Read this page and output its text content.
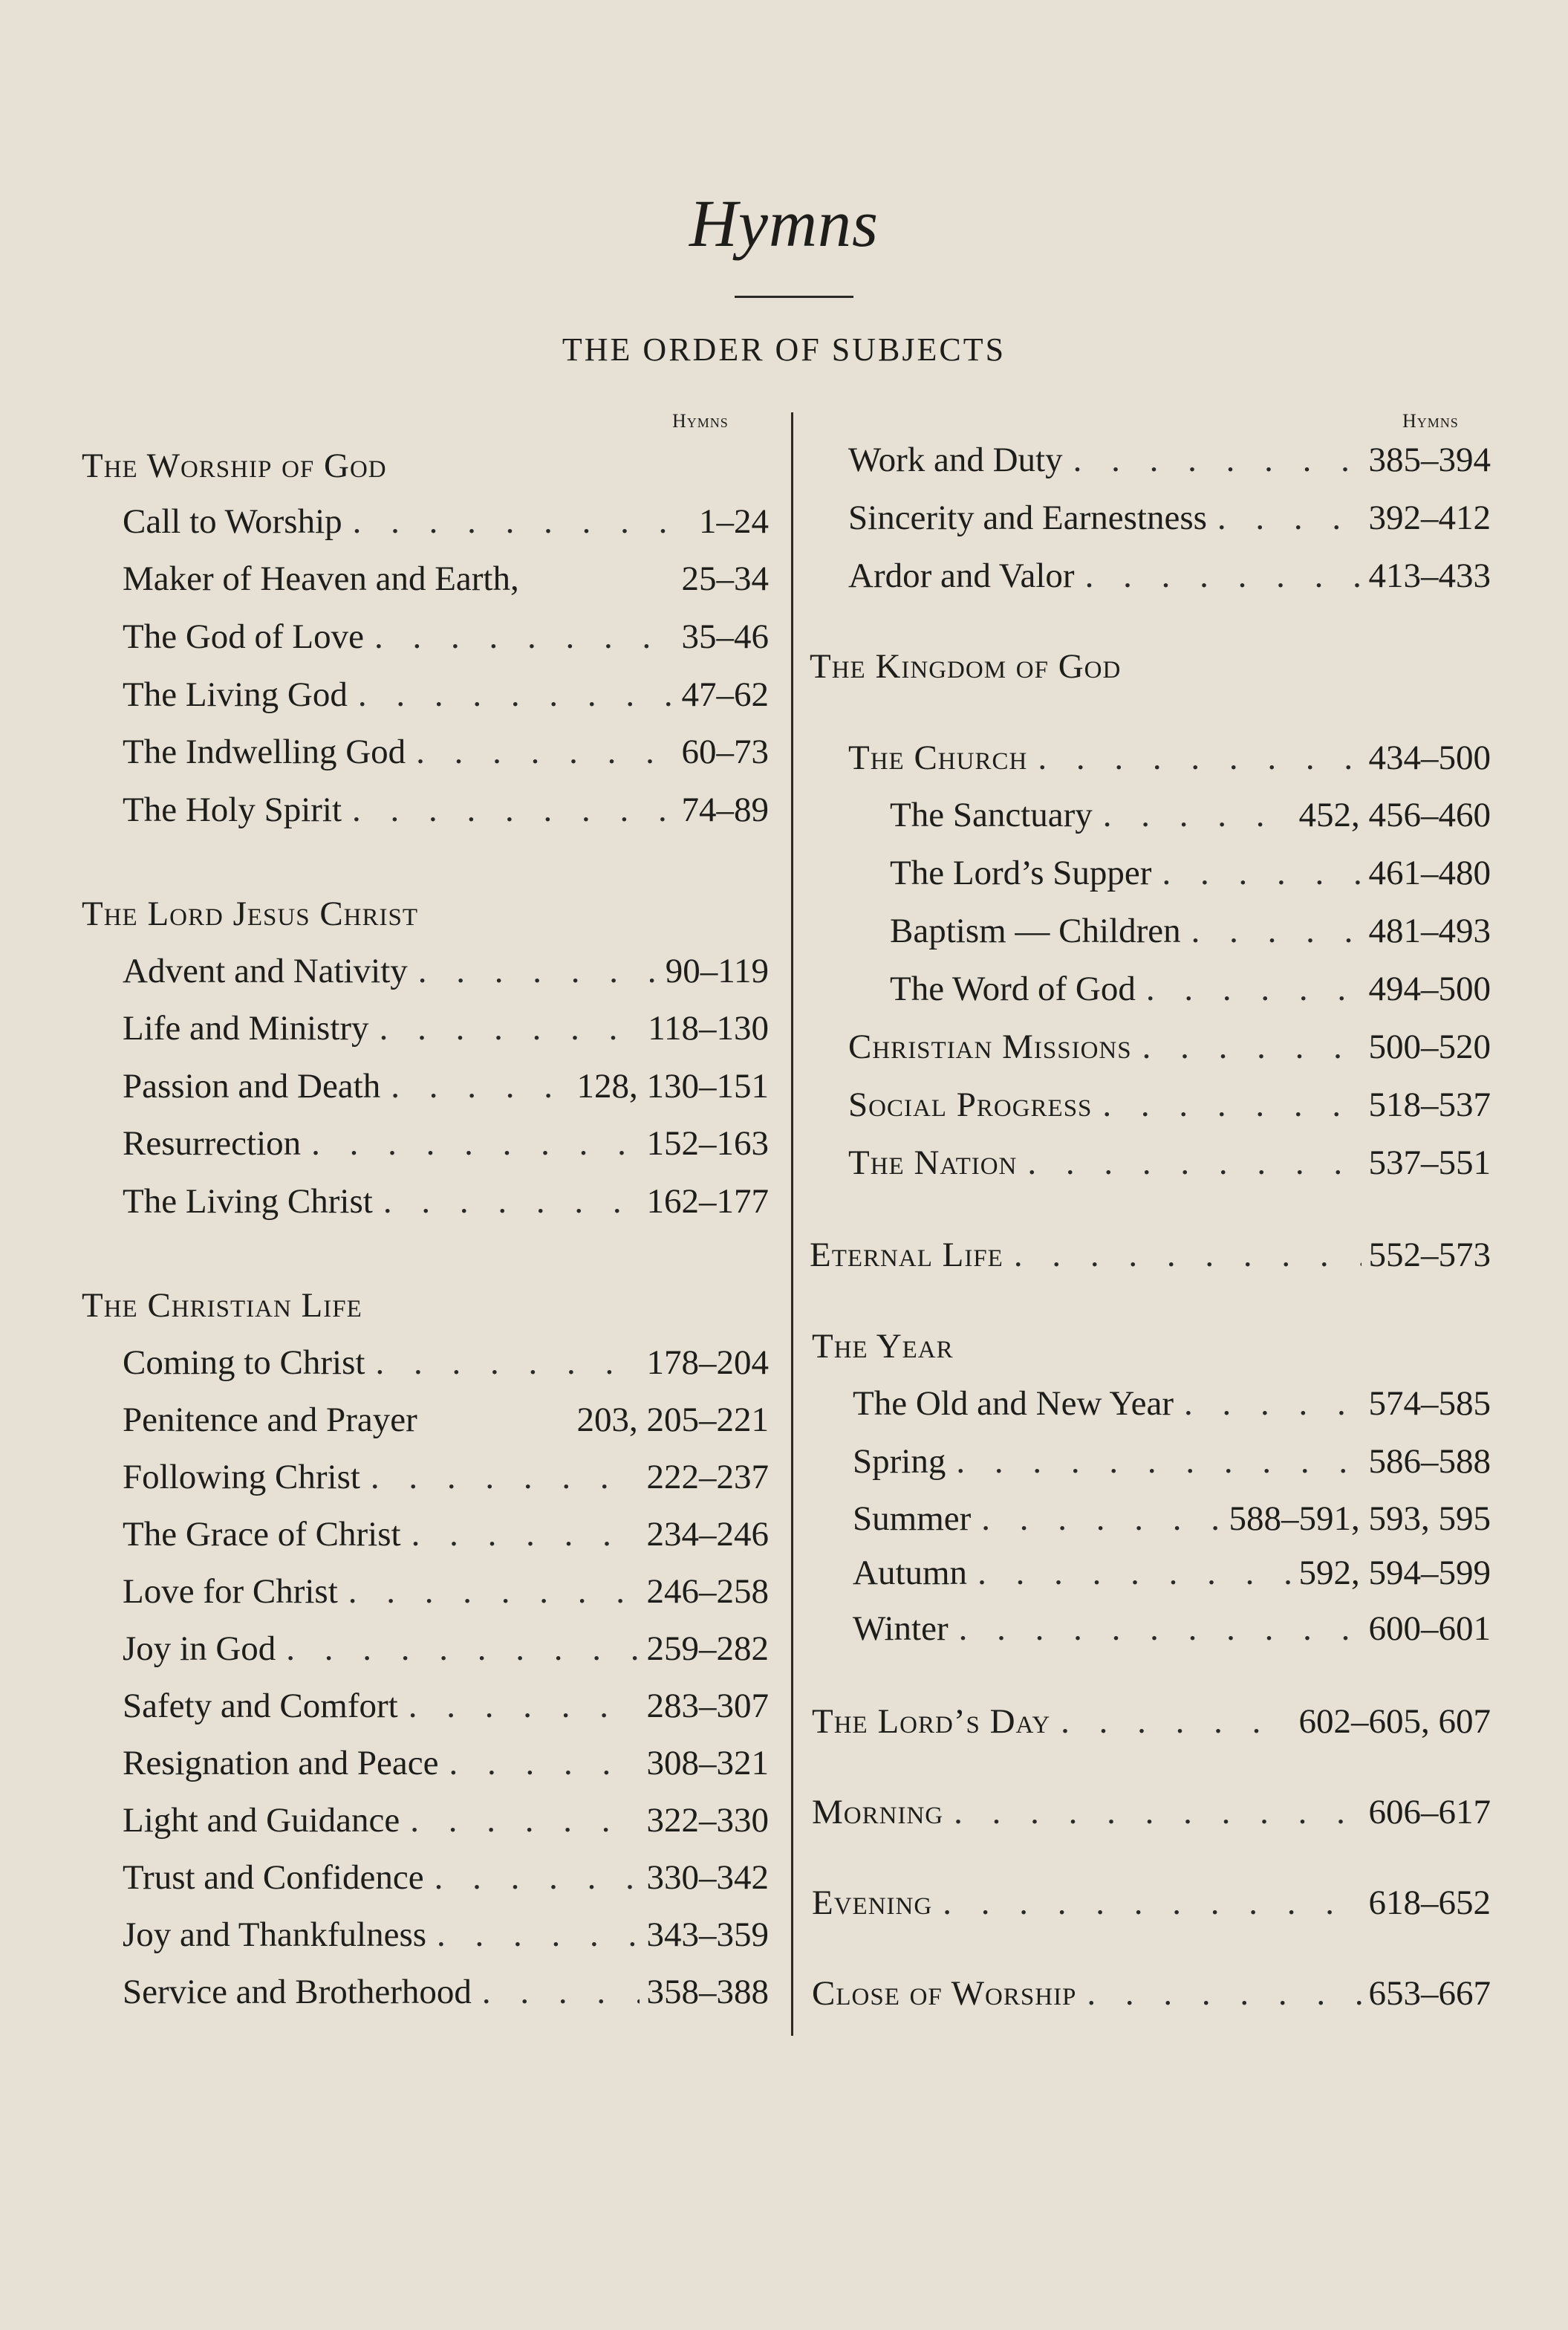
Hymns
THE ORDER OF SUBJECTS
Hymns
The Worship of God
Call to Worship . . .	1–24
Maker of Heaven and Earth,	25–34
The God of Love . . .	35–46
The Living God . . .	47–62
The Indwelling God . . .	60–73
The Holy Spirit . . .	74–89
The Lord Jesus Christ
Advent and Nativity . . .	90–119
Life and Ministry . . .	118–130
Passion and Death . . .	128, 130–151
Resurrection . . .	152–163
The Living Christ . . .	162–177
The Christian Life
Coming to Christ . . .	178–204
Penitence and Prayer	203, 205–221
Following Christ . . .	222–237
The Grace of Christ . . .	234–246
Love for Christ . . .	246–258
Joy in God . . .	259–282
Safety and Comfort . . .	283–307
Resignation and Peace . . .	308–321
Light and Guidance . . .	322–330
Trust and Confidence . . .	330–342
Joy and Thankfulness . . .	343–359
Service and Brotherhood . . .	358–388
Hymns
Work and Duty . . .	385–394
Sincerity and Earnestness . . .	392–412
Ardor and Valor . . .	413–433
The Kingdom of God
The Church . . .	434–500
The Sanctuary . . .	452, 456–460
The Lord’s Supper . . .	461–480
Baptism — Children . . .	481–493
The Word of God . . .	494–500
Christian Missions . . .	500–520
Social Progress . . .	518–537
The Nation . . .	537–551
Eternal Life . . .	552–573
The Year
The Old and New Year . . .	574–585
Spring . . .	586–588
Summer . . .	588–591, 593, 595
Autumn . . .	592, 594–599
Winter . . .	600–601
The Lord’s Day . . .	602–605, 607
Morning . . .	606–617
Evening . . .	618–652
Close of Worship . . .	653–667
